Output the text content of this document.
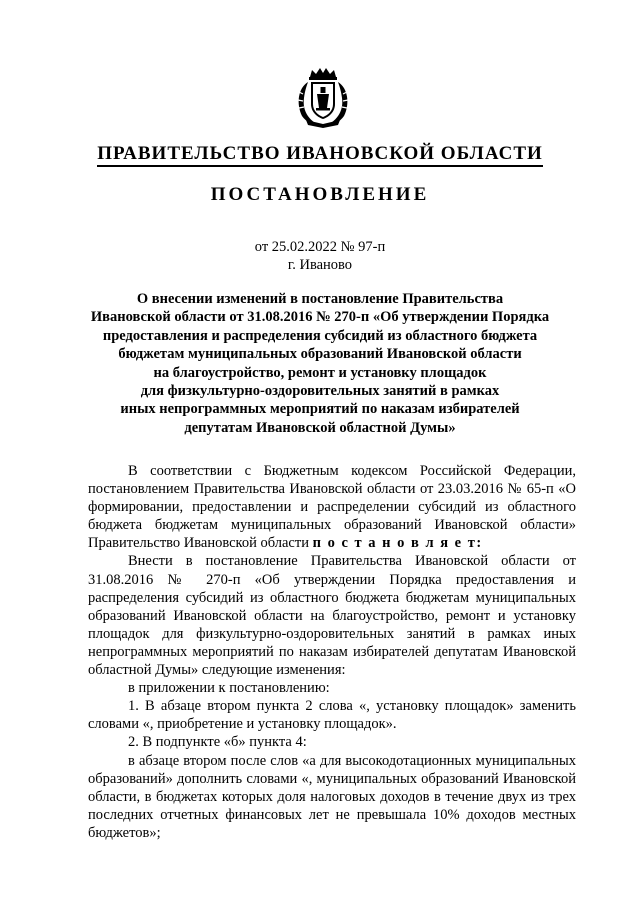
ПРАВИТЕЛЬСТВО ИВАНОВСКОЙ ОБЛАСТИ
ПОСТАНОВЛЕНИЕ
от 25.02.2022 № 97-п
г. Иваново
О внесении изменений в постановление Правительства
Ивановской области от 31.08.2016 № 270-п «Об утверждении Порядка
предоставления и распределения субсидий из областного бюджета
бюджетам муниципальных образований Ивановской области
на благоустройство, ремонт и установку площадок
для физкультурно-оздоровительных занятий в рамках
иных непрограммных мероприятий по наказам избирателей
депутатам Ивановской областной Думы»

В соответствии с Бюджетным кодексом Российской Федерации, постановлением Правительства Ивановской области от 23.03.2016 № 65-п «О формировании, предоставлении и распределении субсидий из областного бюджета бюджетам муниципальных образований Ивановской области» Правительство Ивановской области п о с т а н о в л я е т:

Внести в постановление Правительства Ивановской области от 31.08.2016 № 270-п «Об утверждении Порядка предоставления и распределения субсидий из областного бюджета бюджетам муниципальных образований Ивановской области на благоустройство, ремонт и установку площадок для физкультурно-оздоровительных занятий в рамках иных непрограммных мероприятий по наказам избирателей депутатам Ивановской областной Думы» следующие изменения:

в приложении к постановлению:

1. В абзаце втором пункта 2 слова «, установку площадок» заменить словами «, приобретение и установку площадок».

2. В подпункте «б» пункта 4:

в абзаце втором после слов «а для высокодотационных муниципальных образований» дополнить словами «, муниципальных образований Ивановской области, в бюджетах которых доля налоговых доходов в течение двух из трех последних отчетных финансовых лет не превышала 10% доходов местных бюджетов»;
